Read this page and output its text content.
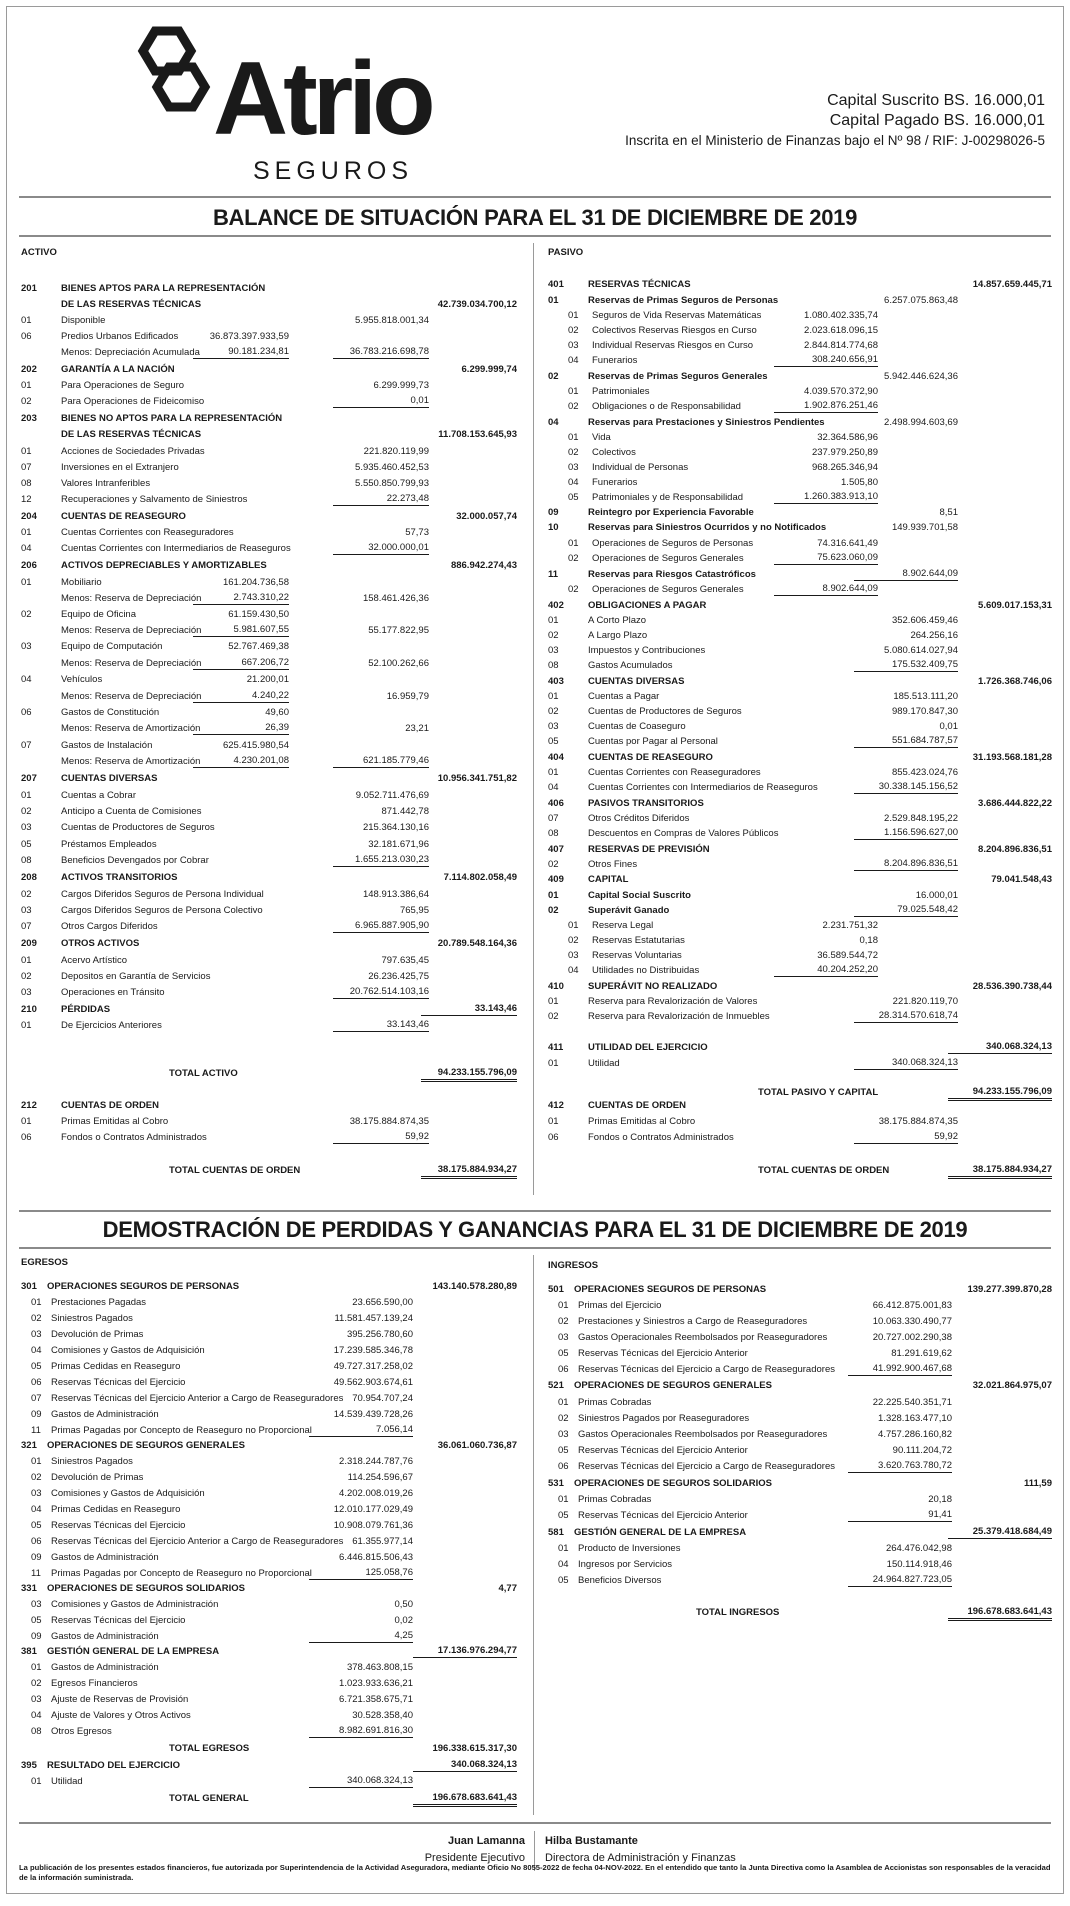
Atrio
SEGUROS
Capital Suscrito BS. 16.000,01
Capital Pagado BS. 16.000,01
Inscrita en el Ministerio de Finanzas bajo el Nº 98 / RIF: J-00298026-5
BALANCE DE SITUACIÓN PARA EL 31 DE DICIEMBRE DE 2019
ACTIVO	PASIVO
201	BIENES APTOS PARA LA REPRESENTACIÓN
DE LAS RESERVAS TÉCNICAS	42.739.034.700,12
01	Disponible	5.955.818.001,34
06	Predios Urbanos Edificados	36.873.397.933,59
Menos: Depreciación Acumulada	90.181.234,81	36.783.216.698,78
202	GARANTÍA A LA NACIÓN	6.299.999,74
01	Para Operaciones de Seguro	6.299.999,73
02	Para Operaciones de Fideicomiso	0,01
203	BIENES NO APTOS PARA LA REPRESENTACIÓN
DE LAS RESERVAS TÉCNICAS	11.708.153.645,93
01	Acciones de Sociedades Privadas	221.820.119,99
07	Inversiones en el Extranjero	5.935.460.452,53
08	Valores Intranferibles	5.550.850.799,93
12	Recuperaciones y Salvamento de Siniestros	22.273,48
204	CUENTAS DE REASEGURO	32.000.057,74
01	Cuentas Corrientes con Reaseguradores	57,73
04	Cuentas Corrientes con Intermediarios de Reaseguros	32.000.000,01
206	ACTIVOS DEPRECIABLES Y AMORTIZABLES	886.942.274,43
01	Mobiliario	161.204.736,58
Menos: Reserva de Depreciación	2.743.310,22	158.461.426,36
02	Equipo de Oficina	61.159.430,50
Menos: Reserva de Depreciación	5.981.607,55	55.177.822,95
03	Equipo de Computación	52.767.469,38
Menos: Reserva de Depreciación	667.206,72	52.100.262,66
04	Vehículos	21.200,01
Menos: Reserva de Depreciación	4.240,22	16.959,79
06	Gastos de Constitución	49,60
Menos: Reserva de Amortización	26,39	23,21
07	Gastos de Instalación	625.415.980,54
Menos: Reserva de Amortización	4.230.201,08	621.185.779,46
207	CUENTAS DIVERSAS	10.956.341.751,82
01	Cuentas a Cobrar	9.052.711.476,69
02	Anticipo a Cuenta de Comisiones	871.442,78
03	Cuentas de Productores de Seguros	215.364.130,16
05	Préstamos Empleados	32.181.671,96
08	Beneficios Devengados por Cobrar	1.655.213.030,23
208	ACTIVOS TRANSITORIOS	7.114.802.058,49
02	Cargos Diferidos Seguros de Persona Individual	148.913.386,64
03	Cargos Diferidos Seguros de Persona Colectivo	765,95
07	Otros Cargos Diferidos	6.965.887.905,90
209	OTROS ACTIVOS	20.789.548.164,36
01	Acervo Artístico	797.635,45
02	Depositos en Garantía de Servicios	26.236.425,75
03	Operaciones en Tránsito	20.762.514.103,16
210	PÉRDIDAS	33.143,46
01	De Ejercicios Anteriores	33.143,46
TOTAL ACTIVO	94.233.155.796,09
212	CUENTAS DE ORDEN
01	Primas Emitidas al Cobro	38.175.884.874,35
06	Fondos o Contratos Administrados	59,92
TOTAL CUENTAS DE ORDEN	38.175.884.934,27
401	RESERVAS TÉCNICAS	14.857.659.445,71
01	Reservas de Primas Seguros de Personas	6.257.075.863,48
01 Seguros de Vida Reservas Matemáticas	1.080.402.335,74
02 Colectivos Reservas Riesgos en Curso	2.023.618.096,15
03 Individual Reservas Riesgos en Curso	2.844.814.774,68
04 Funerarios	308.240.656,91
02	Reservas de Primas Seguros Generales	5.942.446.624,36
01 Patrimoniales	4.039.570.372,90
02 Obligaciones o de Responsabilidad	1.902.876.251,46
04	Reservas para Prestaciones y Siniestros Pendientes	2.498.994.603,69
01 Vida	32.364.586,96
02 Colectivos	237.979.250,89
03 Individual de Personas	968.265.346,94
04 Funerarios	1.505,80
05 Patrimoniales y de Responsabilidad	1.260.383.913,10
09	Reintegro por Experiencia Favorable	8,51
10	Reservas para Siniestros Ocurridos y no Notificados	149.939.701,58
01 Operaciones de Seguros de Personas	74.316.641,49
02 Operaciones de Seguros Generales	75.623.060,09
11	Reservas para Riesgos Catastróficos	8.902.644,09
02 Operaciones de Seguros Generales	8.902.644,09
402	OBLIGACIONES A PAGAR	5.609.017.153,31
01	A Corto Plazo	352.606.459,46
02	A Largo Plazo	264.256,16
03	Impuestos y Contribuciones	5.080.614.027,94
08	Gastos Acumulados	175.532.409,75
403	CUENTAS DIVERSAS	1.726.368.746,06
01	Cuentas a Pagar	185.513.111,20
02	Cuentas de Productores de Seguros	989.170.847,30
03	Cuentas de Coaseguro	0,01
05	Cuentas por Pagar al Personal	551.684.787,57
404	CUENTAS DE REASEGURO	31.193.568.181,28
01	Cuentas Corrientes con Reaseguradores	855.423.024,76
04	Cuentas Corrientes con Intermediarios de Reaseguros	30.338.145.156,52
406	PASIVOS TRANSITORIOS	3.686.444.822,22
07	Otros Créditos Diferidos	2.529.848.195,22
08	Descuentos en Compras de Valores Públicos	1.156.596.627,00
407	RESERVAS DE PREVISIÓN	8.204.896.836,51
02	Otros Fines	8.204.896.836,51
409	CAPITAL	79.041.548,43
01	Capital Social Suscrito	16.000,01
02	Superávit Ganado	79.025.548,42
01 Reserva Legal	2.231.751,32
02 Reservas Estatutarias	0,18
03 Reservas Voluntarias	36.589.544,72
04 Utilidades no Distribuidas	40.204.252,20
410	SUPERÁVIT NO REALIZADO	28.536.390.738,44
01	Reserva para Revalorización de Valores	221.820.119,70
02	Reserva para Revalorización de Inmuebles	28.314.570.618,74
411	UTILIDAD DEL EJERCICIO	340.068.324,13
01	Utilidad	340.068.324,13
TOTAL PASIVO Y CAPITAL	94.233.155.796,09
412	CUENTAS DE ORDEN
01	Primas Emitidas al Cobro	38.175.884.874,35
06	Fondos o Contratos Administrados	59,92
TOTAL CUENTAS DE ORDEN	38.175.884.934,27
DEMOSTRACIÓN DE PERDIDAS Y GANANCIAS PARA EL 31 DE DICIEMBRE DE 2019
EGRESOS	INGRESOS
301 OPERACIONES SEGUROS DE PERSONAS	143.140.578.280,89
01 Prestaciones Pagadas	23.656.590,00
02 Siniestros Pagados	11.581.457.139,24
03 Devolución de Primas	395.256.780,60
04 Comisiones y Gastos de Adquisición	17.239.585.346,78
05 Primas Cedidas en Reaseguro	49.727.317.258,02
06 Reservas Técnicas del Ejercicio	49.562.903.674,61
07 Reservas Técnicas del Ejercicio Anterior a Cargo de Reaseguradores 70.954.707,24
09 Gastos de Administración	14.539.439.728,26
11 Primas Pagadas por Concepto de Reaseguro no Proporcional	7.056,14
321 OPERACIONES DE SEGUROS GENERALES	36.061.060.736,87
01 Siniestros Pagados	2.318.244.787,76
02 Devolución de Primas	114.254.596,67
03 Comisiones y Gastos de Adquisición	4.202.008.019,26
04 Primas Cedidas en Reaseguro	12.010.177.029,49
05 Reservas Técnicas del Ejercicio	10.908.079.761,36
06 Reservas Técnicas del Ejercicio Anterior a Cargo de Reaseguradores 61.355.977,14
09 Gastos de Administración	6.446.815.506,43
11 Primas Pagadas por Concepto de Reaseguro no Proporcional	125.058,76
331 OPERACIONES DE SEGUROS SOLIDARIOS	4,77
03 Comisiones y Gastos de Administración	0,50
05 Reservas Técnicas del Ejercicio	0,02
09 Gastos de Administración	4,25
381 GESTIÓN GENERAL DE LA EMPRESA	17.136.976.294,77
01 Gastos de Administración	378.463.808,15
02 Egresos Financieros	1.023.933.636,21
03 Ajuste de Reservas de Provisión	6.721.358.675,71
04 Ajuste de Valores y Otros Activos	30.528.358,40
08 Otros Egresos	8.982.691.816,30
TOTAL EGRESOS	196.338.615.317,30
395 RESULTADO DEL EJERCICIO	340.068.324,13
01 Utilidad	340.068.324,13
TOTAL GENERAL	196.678.683.641,43
501 OPERACIONES SEGUROS DE PERSONAS	139.277.399.870,28
01 Primas del Ejercicio	66.412.875.001,83
02 Prestaciones y Siniestros a Cargo de Reaseguradores	10.063.330.490,77
03 Gastos Operacionales Reembolsados por Reaseguradores	20.727.002.290,38
05 Reservas Técnicas del Ejercicio Anterior	81.291.619,62
06 Reservas Técnicas del Ejercicio a Cargo de Reaseguradores	41.992.900.467,68
521 OPERACIONES DE SEGUROS GENERALES	32.021.864.975,07
01 Primas Cobradas	22.225.540.351,71
02 Siniestros Pagados por Reaseguradores	1.328.163.477,10
03 Gastos Operacionales Reembolsados por Reaseguradores	4.757.286.160,82
05 Reservas Técnicas del Ejercicio Anterior	90.111.204,72
06 Reservas Técnicas del Ejercicio a Cargo de Reaseguradores	3.620.763.780,72
531 OPERACIONES DE SEGUROS SOLIDARIOS	111,59
01 Primas Cobradas	20,18
05 Reservas Técnicas del Ejercicio Anterior	91,41
581 GESTIÓN GENERAL DE LA EMPRESA	25.379.418.684,49
01 Producto de Inversiones	264.476.042,98
04 Ingresos por Servicios	150.114.918,46
05 Beneficios Diversos	24.964.827.723,05
TOTAL INGRESOS	196.678.683.641,43
Juan Lamanna
Presidente Ejecutivo
Hilba Bustamante
Directora de Administración y Finanzas
La publicación de los presentes estados financieros, fue autorizada por Superintendencia de la Actividad Aseguradora, mediante Oficio No 8055-2022 de fecha 04-NOV-2022. En el entendido que tanto la Junta Directiva como la Asamblea de Accionistas son responsables de la veracidad de la información suministrada.
